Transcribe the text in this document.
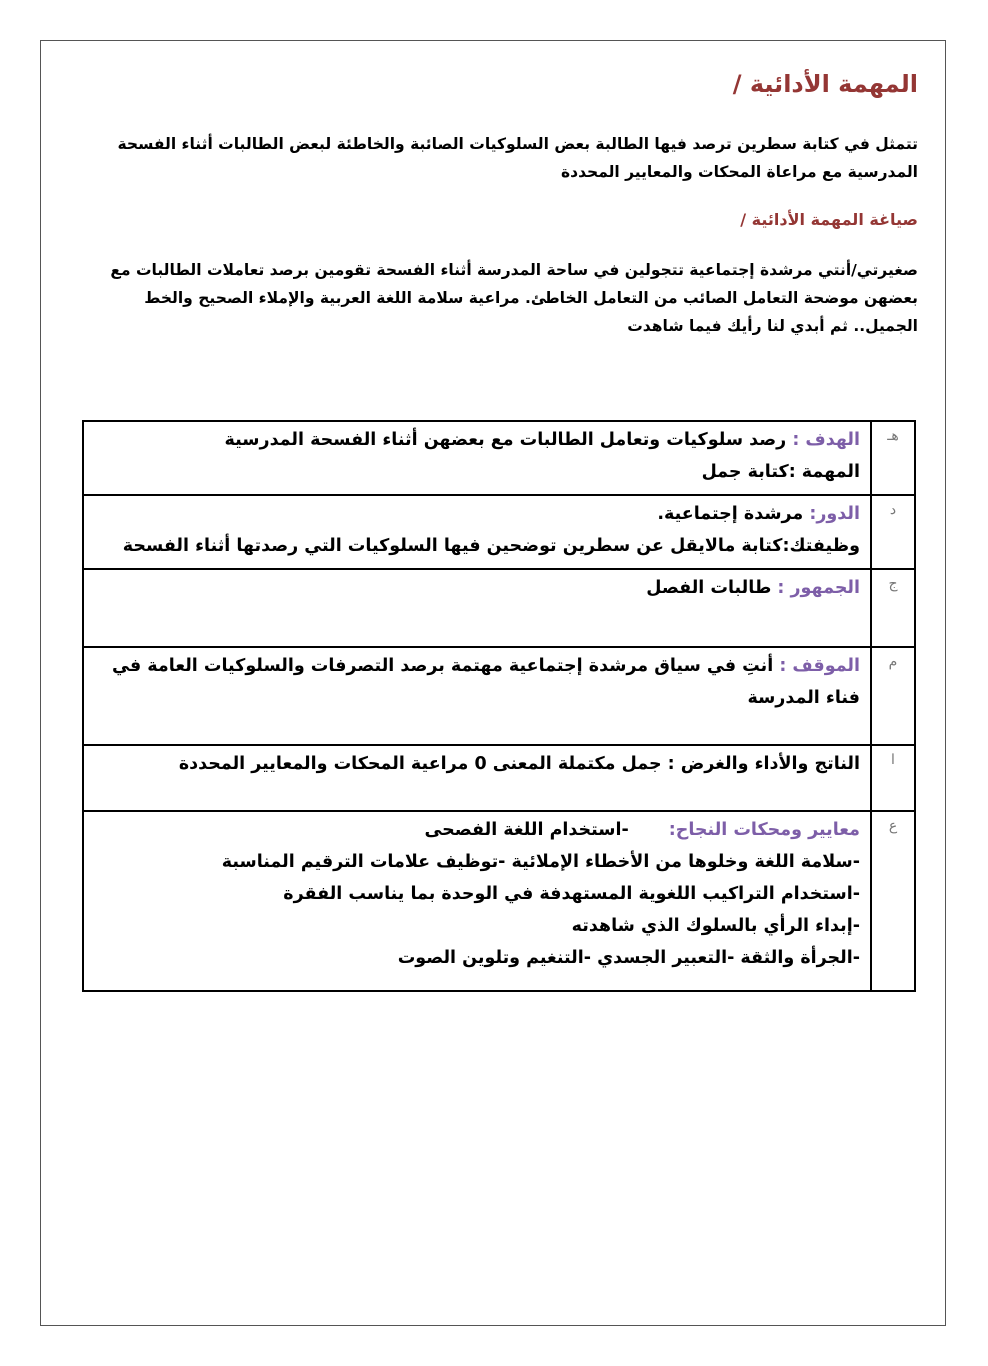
المهمة الأدائية /
تتمثل في كتابة سطرين ترصد فيها الطالبة بعض السلوكيات الصائبة والخاطئة لبعض الطالبات أثناء الفسحة المدرسية مع مراعاة المحكات والمعايير المحددة
صياغة المهمة الأدائية /
صغيرتي/أنتي مرشدة إجتماعية تتجولين في ساحة المدرسة أثناء الفسحة تقومين برصد تعاملات الطالبات مع بعضهن موضحة التعامل الصائب من التعامل الخاطئ. مراعية سلامة اللغة العربية والإملاء الصحيح والخط الجميل.. ثم أبدي لنا رأيك فيما شاهدت
هـ
الهدف : رصد سلوكيات وتعامل الطالبات مع بعضهن أثناء الفسحة المدرسية
المهمة :كتابة جمل
د
الدور: مرشدة إجتماعية.
وظيفتك:كتابة مالايقل عن سطرين توضحين فيها السلوكيات التي رصدتها أثناء الفسحة
ج
الجمهور : طالبات الفصل
م
الموقف : أنتِ في سياق مرشدة إجتماعية مهتمة برصد التصرفات والسلوكيات العامة في فناء المدرسة
ا
الناتج والأداء والغرض : جمل مكتملة المعنى 0 مراعية المحكات والمعايير المحددة
ع
معايير ومحكات النجاح:-استخدام اللغة الفصحى
-سلامة اللغة وخلوها من الأخطاء الإملائية -توظيف علامات الترقيم المناسبة
-استخدام التراكيب اللغوية المستهدفة في الوحدة بما يناسب الفقرة
-إبداء الرأي بالسلوك الذي شاهدته
-الجرأة والثقة -التعبير الجسدي -التنغيم وتلوين الصوت
